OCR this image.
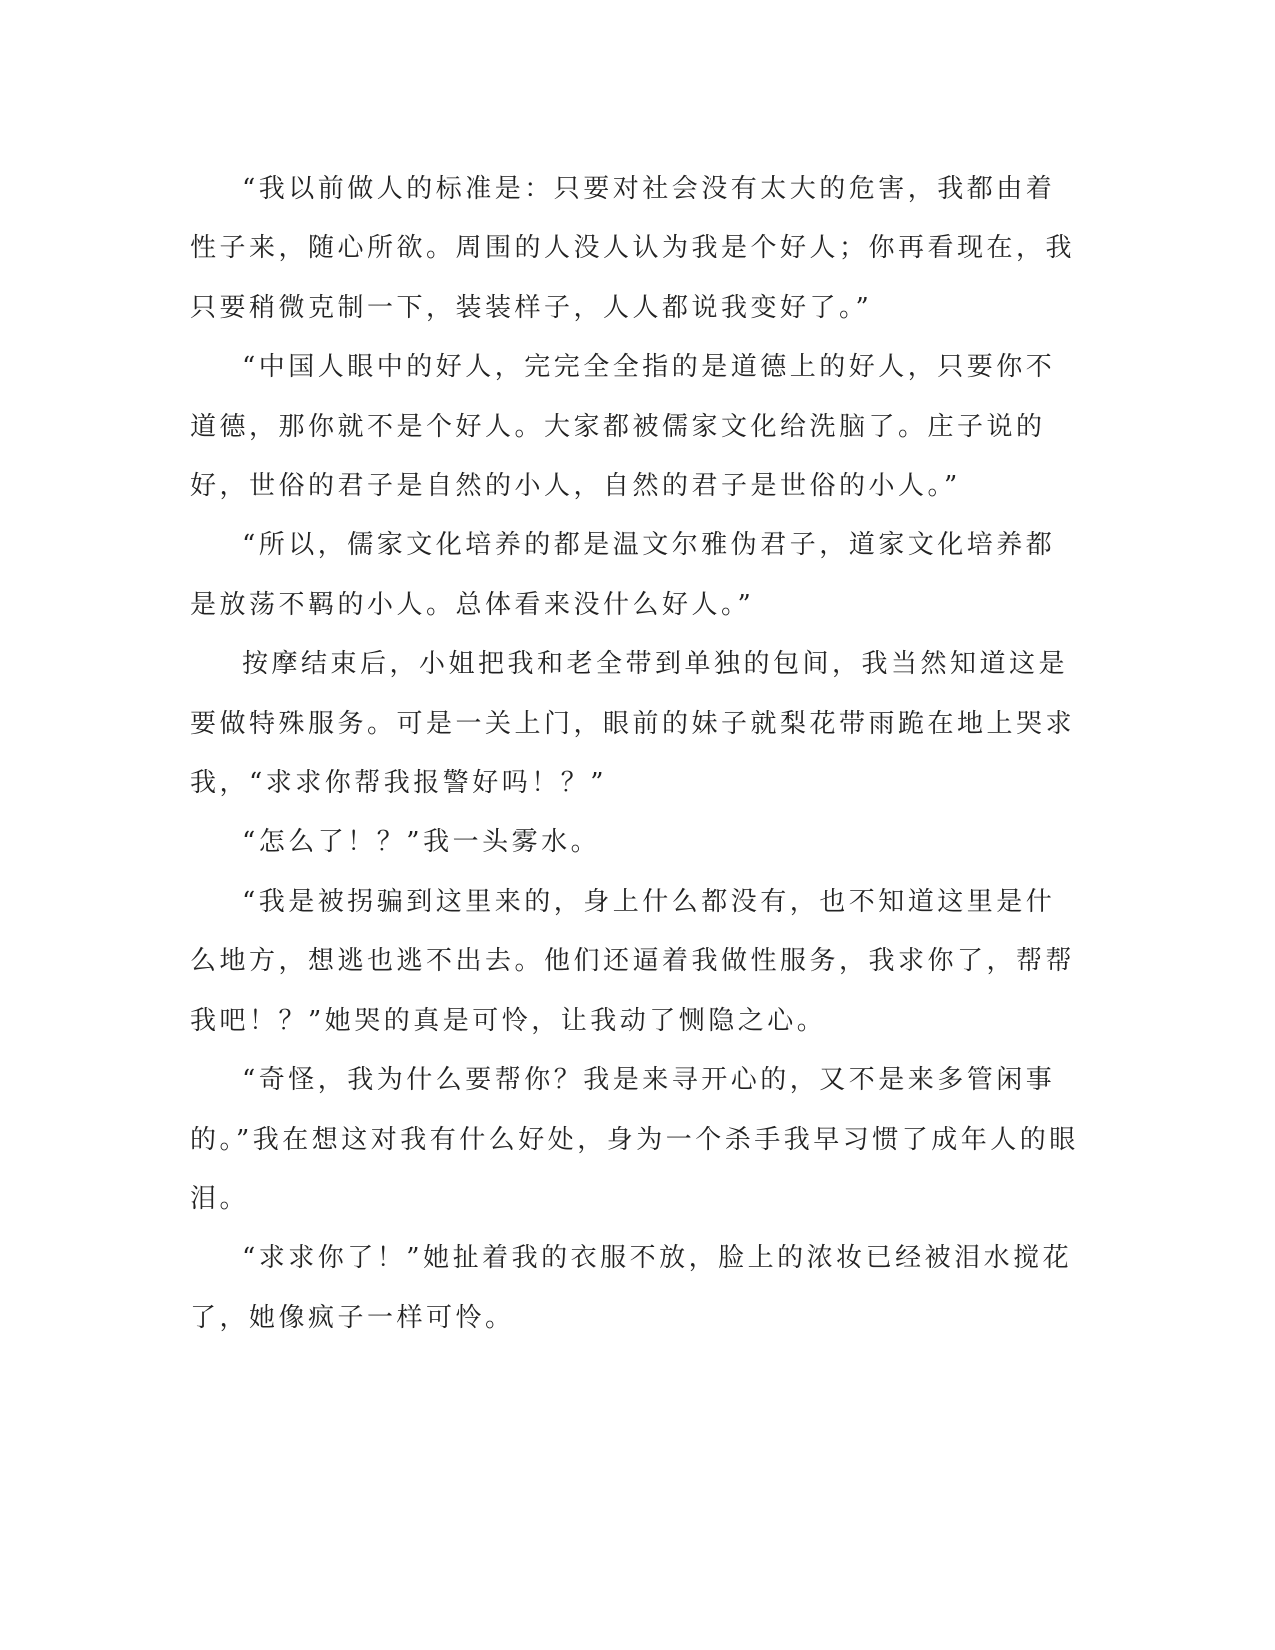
“我以前做人的标准是：只要对社会没有太大的危害，我都由着性子来，随心所欲。周围的人没人认为我是个好人；你再看现在，我只要稍微克制一下，装装样子，人人都说我变好了。”

“中国人眼中的好人，完完全全指的是道德上的好人，只要你不道德，那你就不是个好人。大家都被儒家文化给洗脑了。庄子说的好，世俗的君子是自然的小人，自然的君子是世俗的小人。”

“所以，儒家文化培养的都是温文尔雅伪君子，道家文化培养都是放荡不羁的小人。总体看来没什么好人。”

按摩结束后，小姐把我和老全带到单独的包间，我当然知道这是要做特殊服务。可是一关上门，眼前的妹子就梨花带雨跪在地上哭求我，“求求你帮我报警好吗！？”

“怎么了！？”我一头雾水。

“我是被拐骗到这里来的，身上什么都没有，也不知道这里是什么地方，想逃也逃不出去。他们还逼着我做性服务，我求你了，帮帮我吧！？”她哭的真是可怜，让我动了恻隐之心。

“奇怪，我为什么要帮你？我是来寻开心的，又不是来多管闲事的。”我在想这对我有什么好处，身为一个杀手我早习惯了成年人的眼泪。

“求求你了！”她扯着我的衣服不放，脸上的浓妆已经被泪水搅花了，她像疯子一样可怜。
